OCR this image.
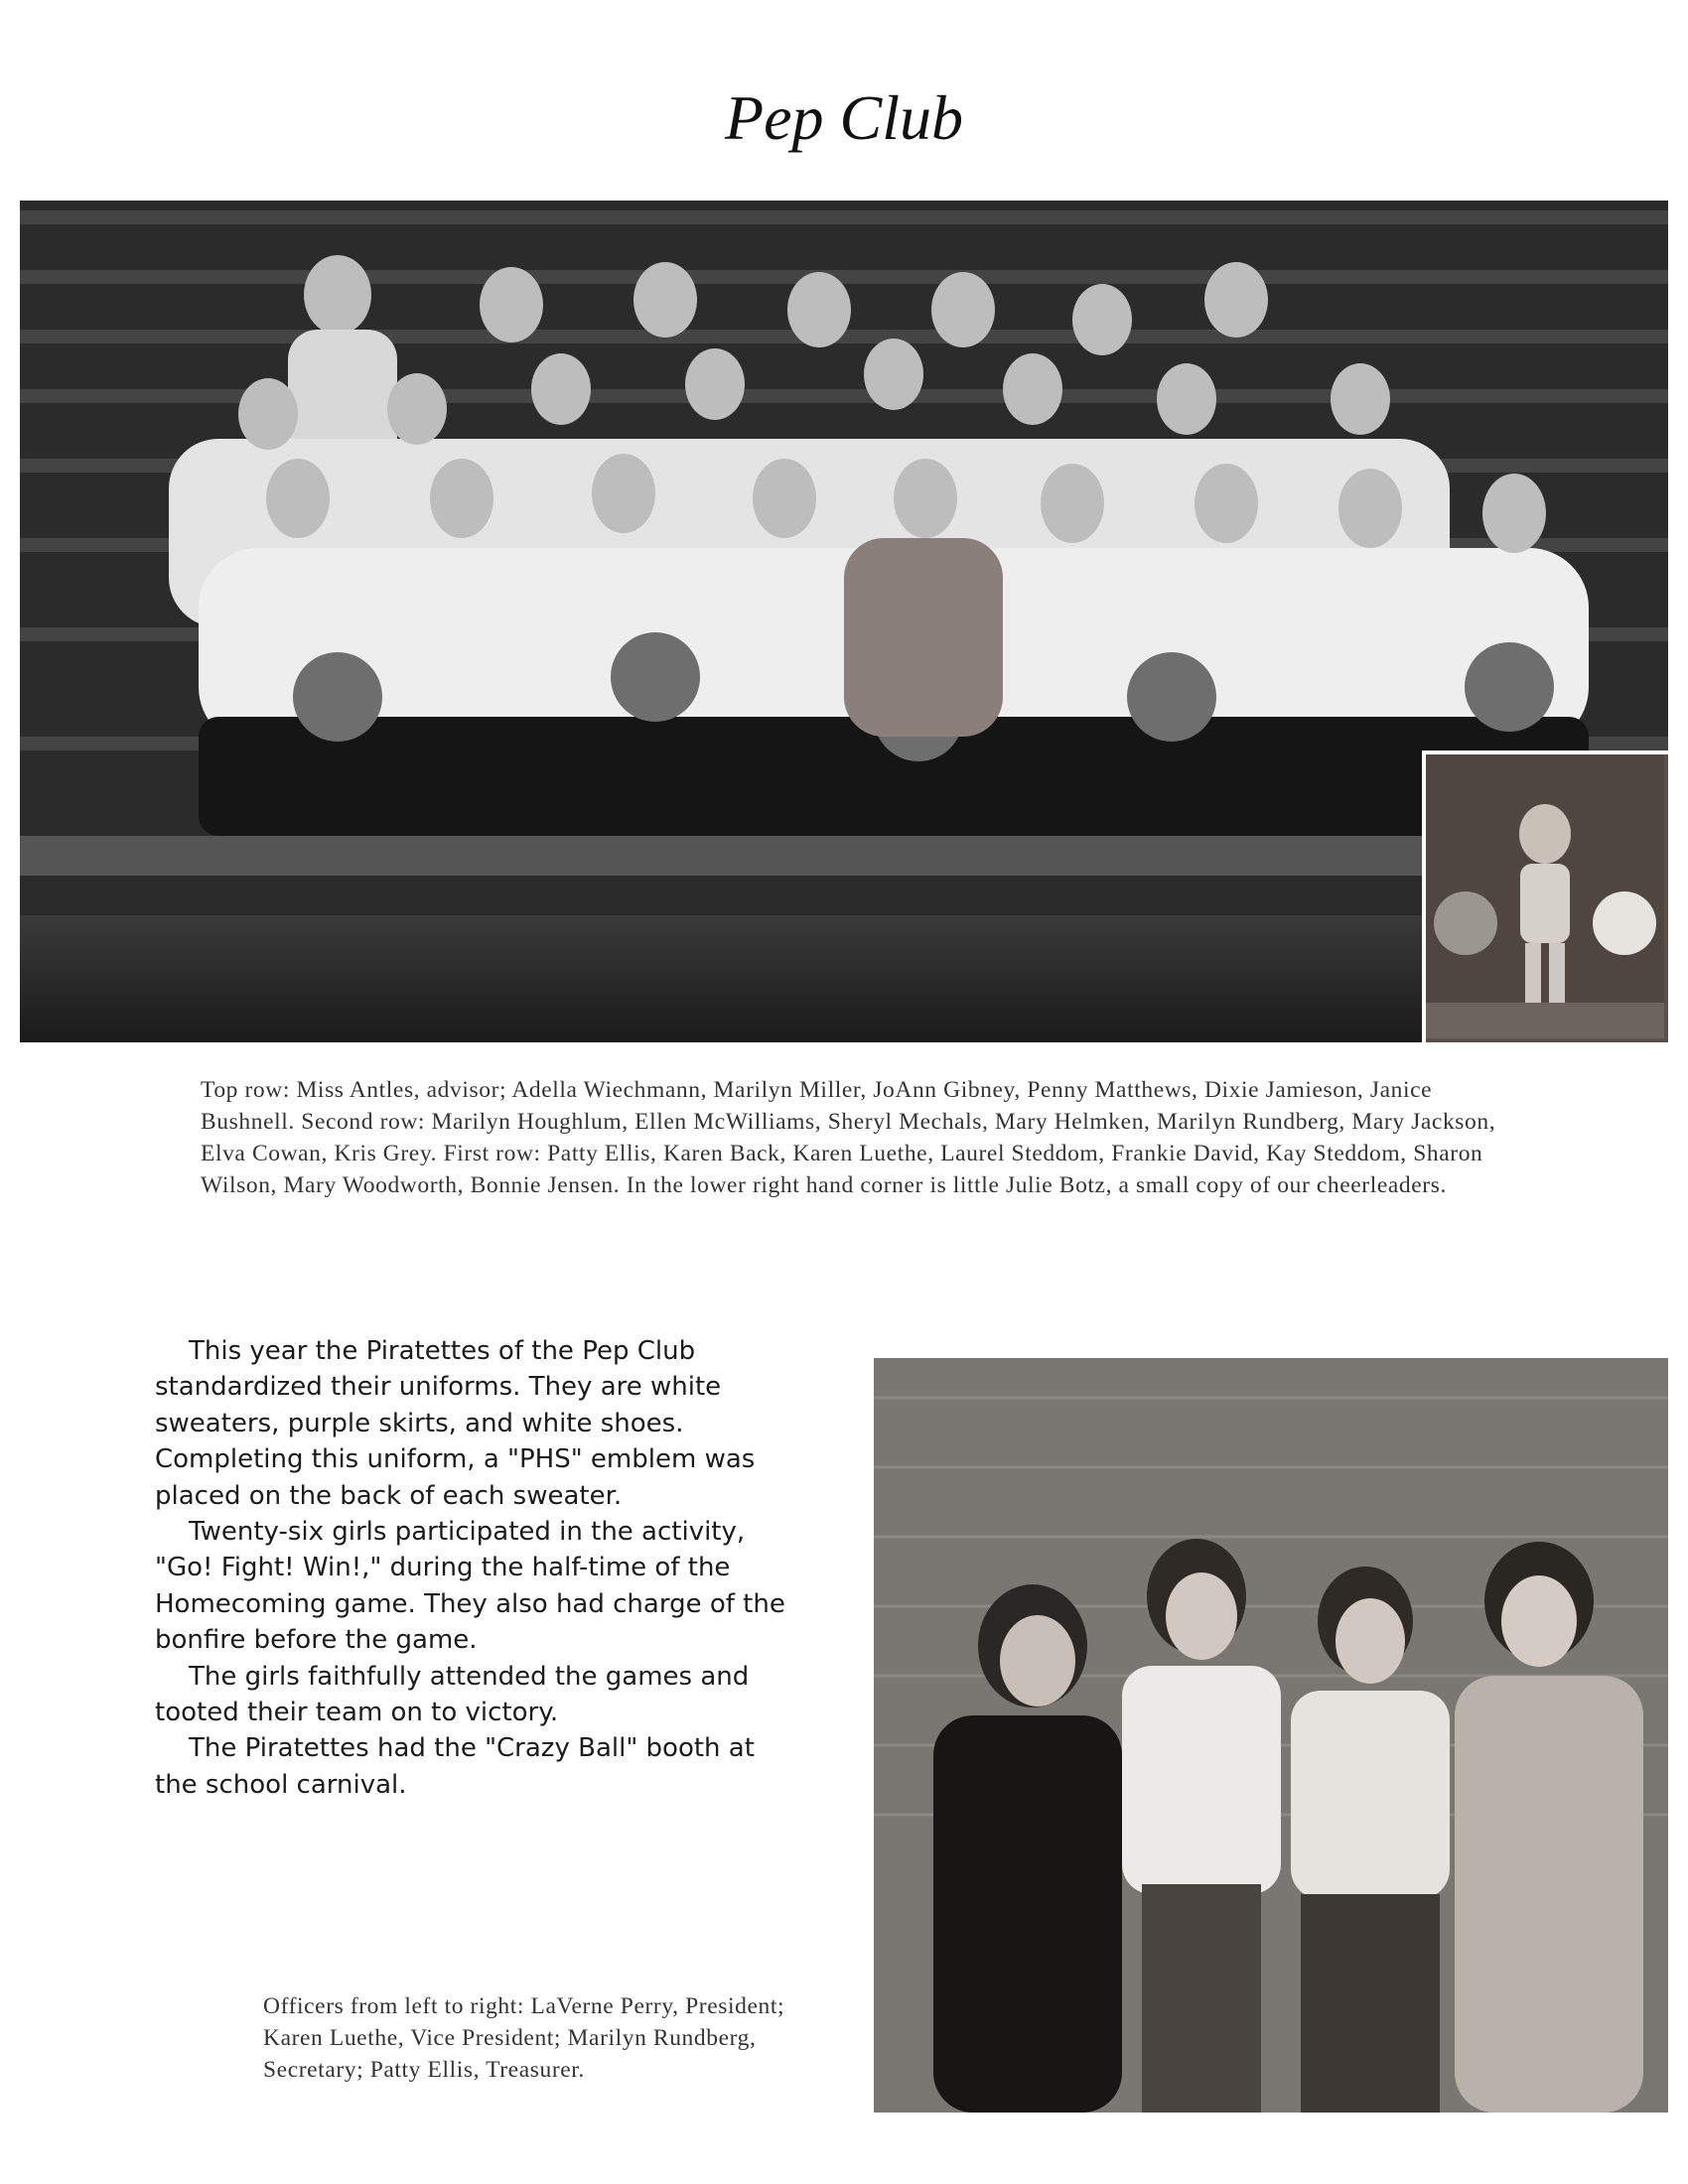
Pep Club
Top row: Miss Antles, advisor; Adella Wiechmann, Marilyn Miller, JoAnn Gibney, Penny Matthews, Dixie Jamieson, Janice Bushnell. Second row: Marilyn Houghlum, Ellen McWilliams, Sheryl Mechals, Mary Helmken, Marilyn Rundberg, Mary Jackson, Elva Cowan, Kris Grey. First row: Patty Ellis, Karen Back, Karen Luethe, Laurel Steddom, Frankie David, Kay Steddom, Sharon Wilson, Mary Woodworth, Bonnie Jensen. In the lower right hand corner is little Julie Botz, a small copy of our cheerleaders.

This year the Piratettes of the Pep Club standardized their uniforms. They are white sweaters, purple skirts, and white shoes. Completing this uniform, a "PHS" emblem was placed on the back of each sweater.

Twenty-six girls participated in the activity, "Go! Fight! Win!," during the half-time of the Homecoming game. They also had charge of the bonfire before the game.

The girls faithfully attended the games and tooted their team on to victory.

The Piratettes had the "Crazy Ball" booth at the school carnival.

Officers from left to right: LaVerne Perry, President; Karen Luethe, Vice President; Marilyn Rundberg, Secretary; Patty Ellis, Treasurer.
